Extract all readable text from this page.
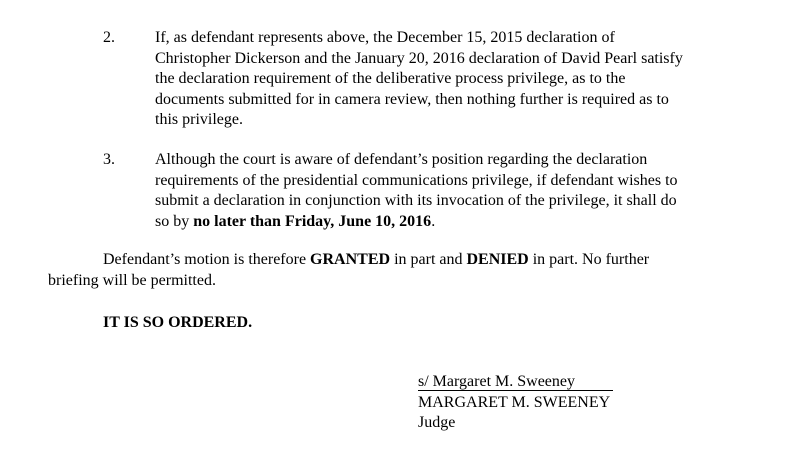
2.	If, as defendant represents above, the December 15, 2015 declaration of
Christopher Dickerson and the January 20, 2016 declaration of David Pearl satisfy
the declaration requirement of the deliberative process privilege, as to the
documents submitted for in camera review, then nothing further is required as to
this privilege.
3.	Although the court is aware of defendant’s position regarding the declaration
requirements of the presidential communications privilege, if defendant wishes to
submit a declaration in conjunction with its invocation of the privilege, it shall do
so by no later than Friday, June 10, 2016.
Defendant’s motion is therefore GRANTED in part and DENIED in part. No further
briefing will be permitted.
IT IS SO ORDERED.
s/ Margaret M. Sweeney
MARGARET M. SWEENEY
Judge
